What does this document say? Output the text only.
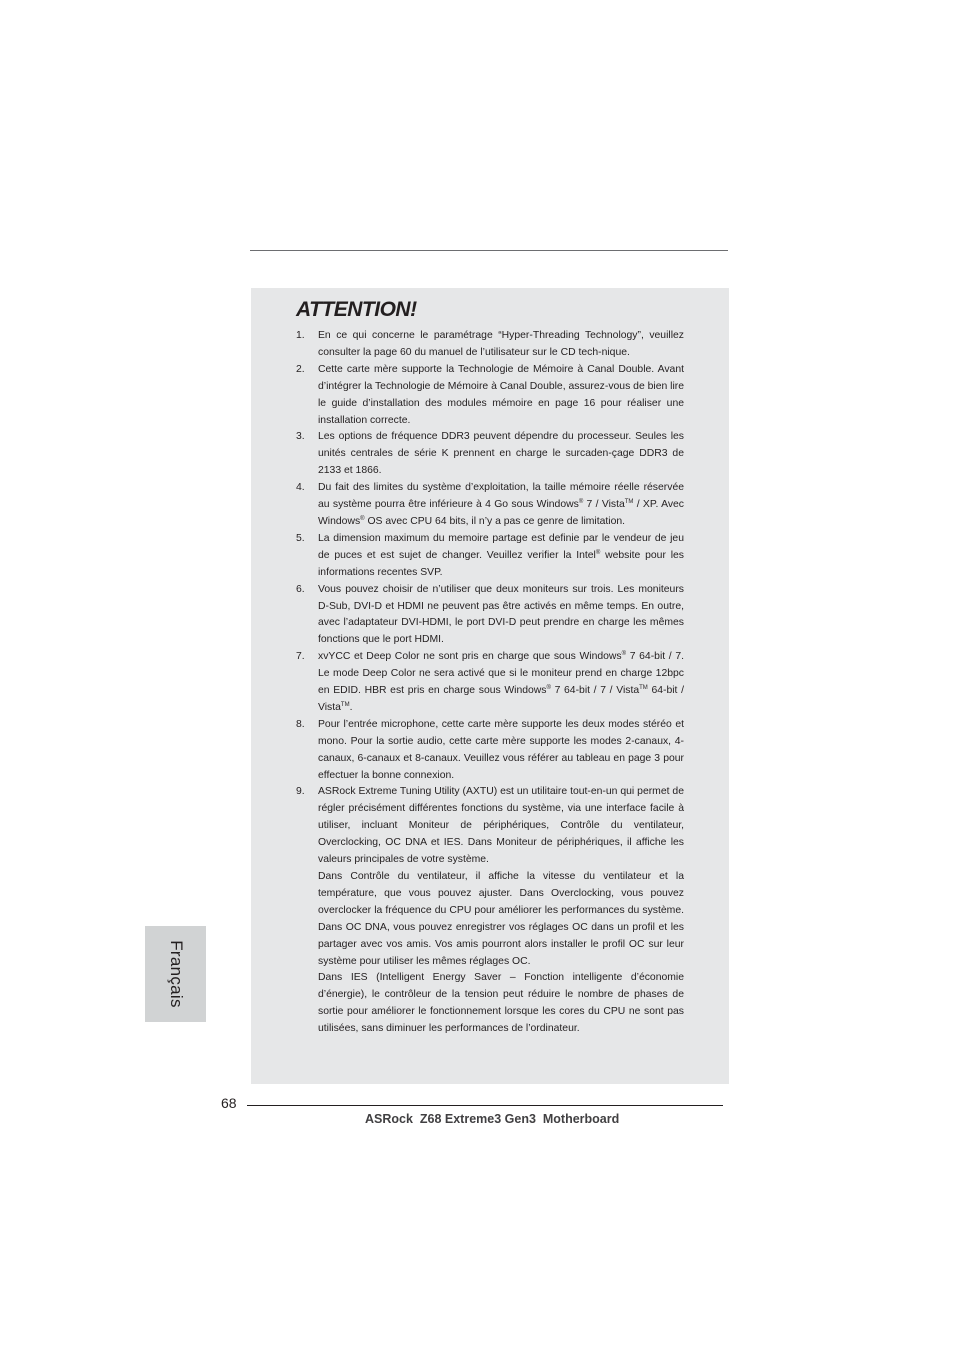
ATTENTION!
1. En ce qui concerne le paramétrage “Hyper-Threading Technology”, veuillez consulter la page 60 du manuel de l’utilisateur sur le CD tech-nique.
2. Cette carte mère supporte la Technologie de Mémoire à Canal Double. Avant d’intégrer la Technologie de Mémoire à Canal Double, assurez-vous de bien lire le guide d’installation des modules mémoire en page 16 pour réaliser une installation correcte.
3. Les options de fréquence DDR3 peuvent dépendre du processeur. Seules les unités centrales de série K prennent en charge le surcaden-çage DDR3 de 2133 et 1866.
4. Du fait des limites du système d’exploitation, la taille mémoire réelle réservée au système pourra être inférieure à 4 Go sous Windows® 7 / Vista™ / XP. Avec Windows® OS avec CPU 64 bits, il n’y a pas ce genre de limitation.
5. La dimension maximum du memoire partage est definie par le vendeur de jeu de puces et est sujet de changer. Veuillez verifier la Intel® website pour les informations recentes SVP.
6. Vous pouvez choisir de n’utiliser que deux moniteurs sur trois. Les moniteurs D-Sub, DVI-D et HDMI ne peuvent pas être activés en même temps. En outre, avec l’adaptateur DVI-HDMI, le port DVI-D peut prendre en charge les mêmes fonctions que le port HDMI.
7. xvYCC et Deep Color ne sont pris en charge que sous Windows® 7 64-bit / 7. Le mode Deep Color ne sera activé que si le moniteur prend en charge 12bpc en EDID. HBR est pris en charge sous Windows® 7 64-bit / 7 / Vista™ 64-bit / Vista™.
8. Pour l’entrée microphone, cette carte mère supporte les deux modes stéréo et mono. Pour la sortie audio, cette carte mère supporte les modes 2-canaux, 4-canaux, 6-canaux et 8-canaux. Veuillez vous référer au tableau en page 3 pour effectuer la bonne connexion.
9. ASRock Extreme Tuning Utility (AXTU) est un utilitaire tout-en-un qui permet de régler précisément différentes fonctions du système, via une interface facile à utiliser, incluant Moniteur de périphériques, Contrôle du ventilateur, Overclocking, OC DNA et IES. Dans Moniteur de périphériques, il affiche les valeurs principales de votre système.
Dans Contrôle du ventilateur, il affiche la vitesse du ventilateur et la température, que vous pouvez ajuster. Dans Overclocking, vous pouvez overclocker la fréquence du CPU pour améliorer les performances du système. Dans OC DNA, vous pouvez enregistrer vos réglages OC dans un profil et les partager avec vos amis. Vos amis pourront alors installer le profil OC sur leur système pour utiliser les mêmes réglages OC.
Dans IES (Intelligent Energy Saver – Fonction intelligente d’économie d’énergie), le contrôleur de la tension peut réduire le nombre de phases de sortie pour améliorer le fonctionnement lorsque les cores du CPU ne sont pas utilisées, sans diminuer les performances de l’ordinateur.
Français
68
ASRock  Z68 Extreme3 Gen3  Motherboard
